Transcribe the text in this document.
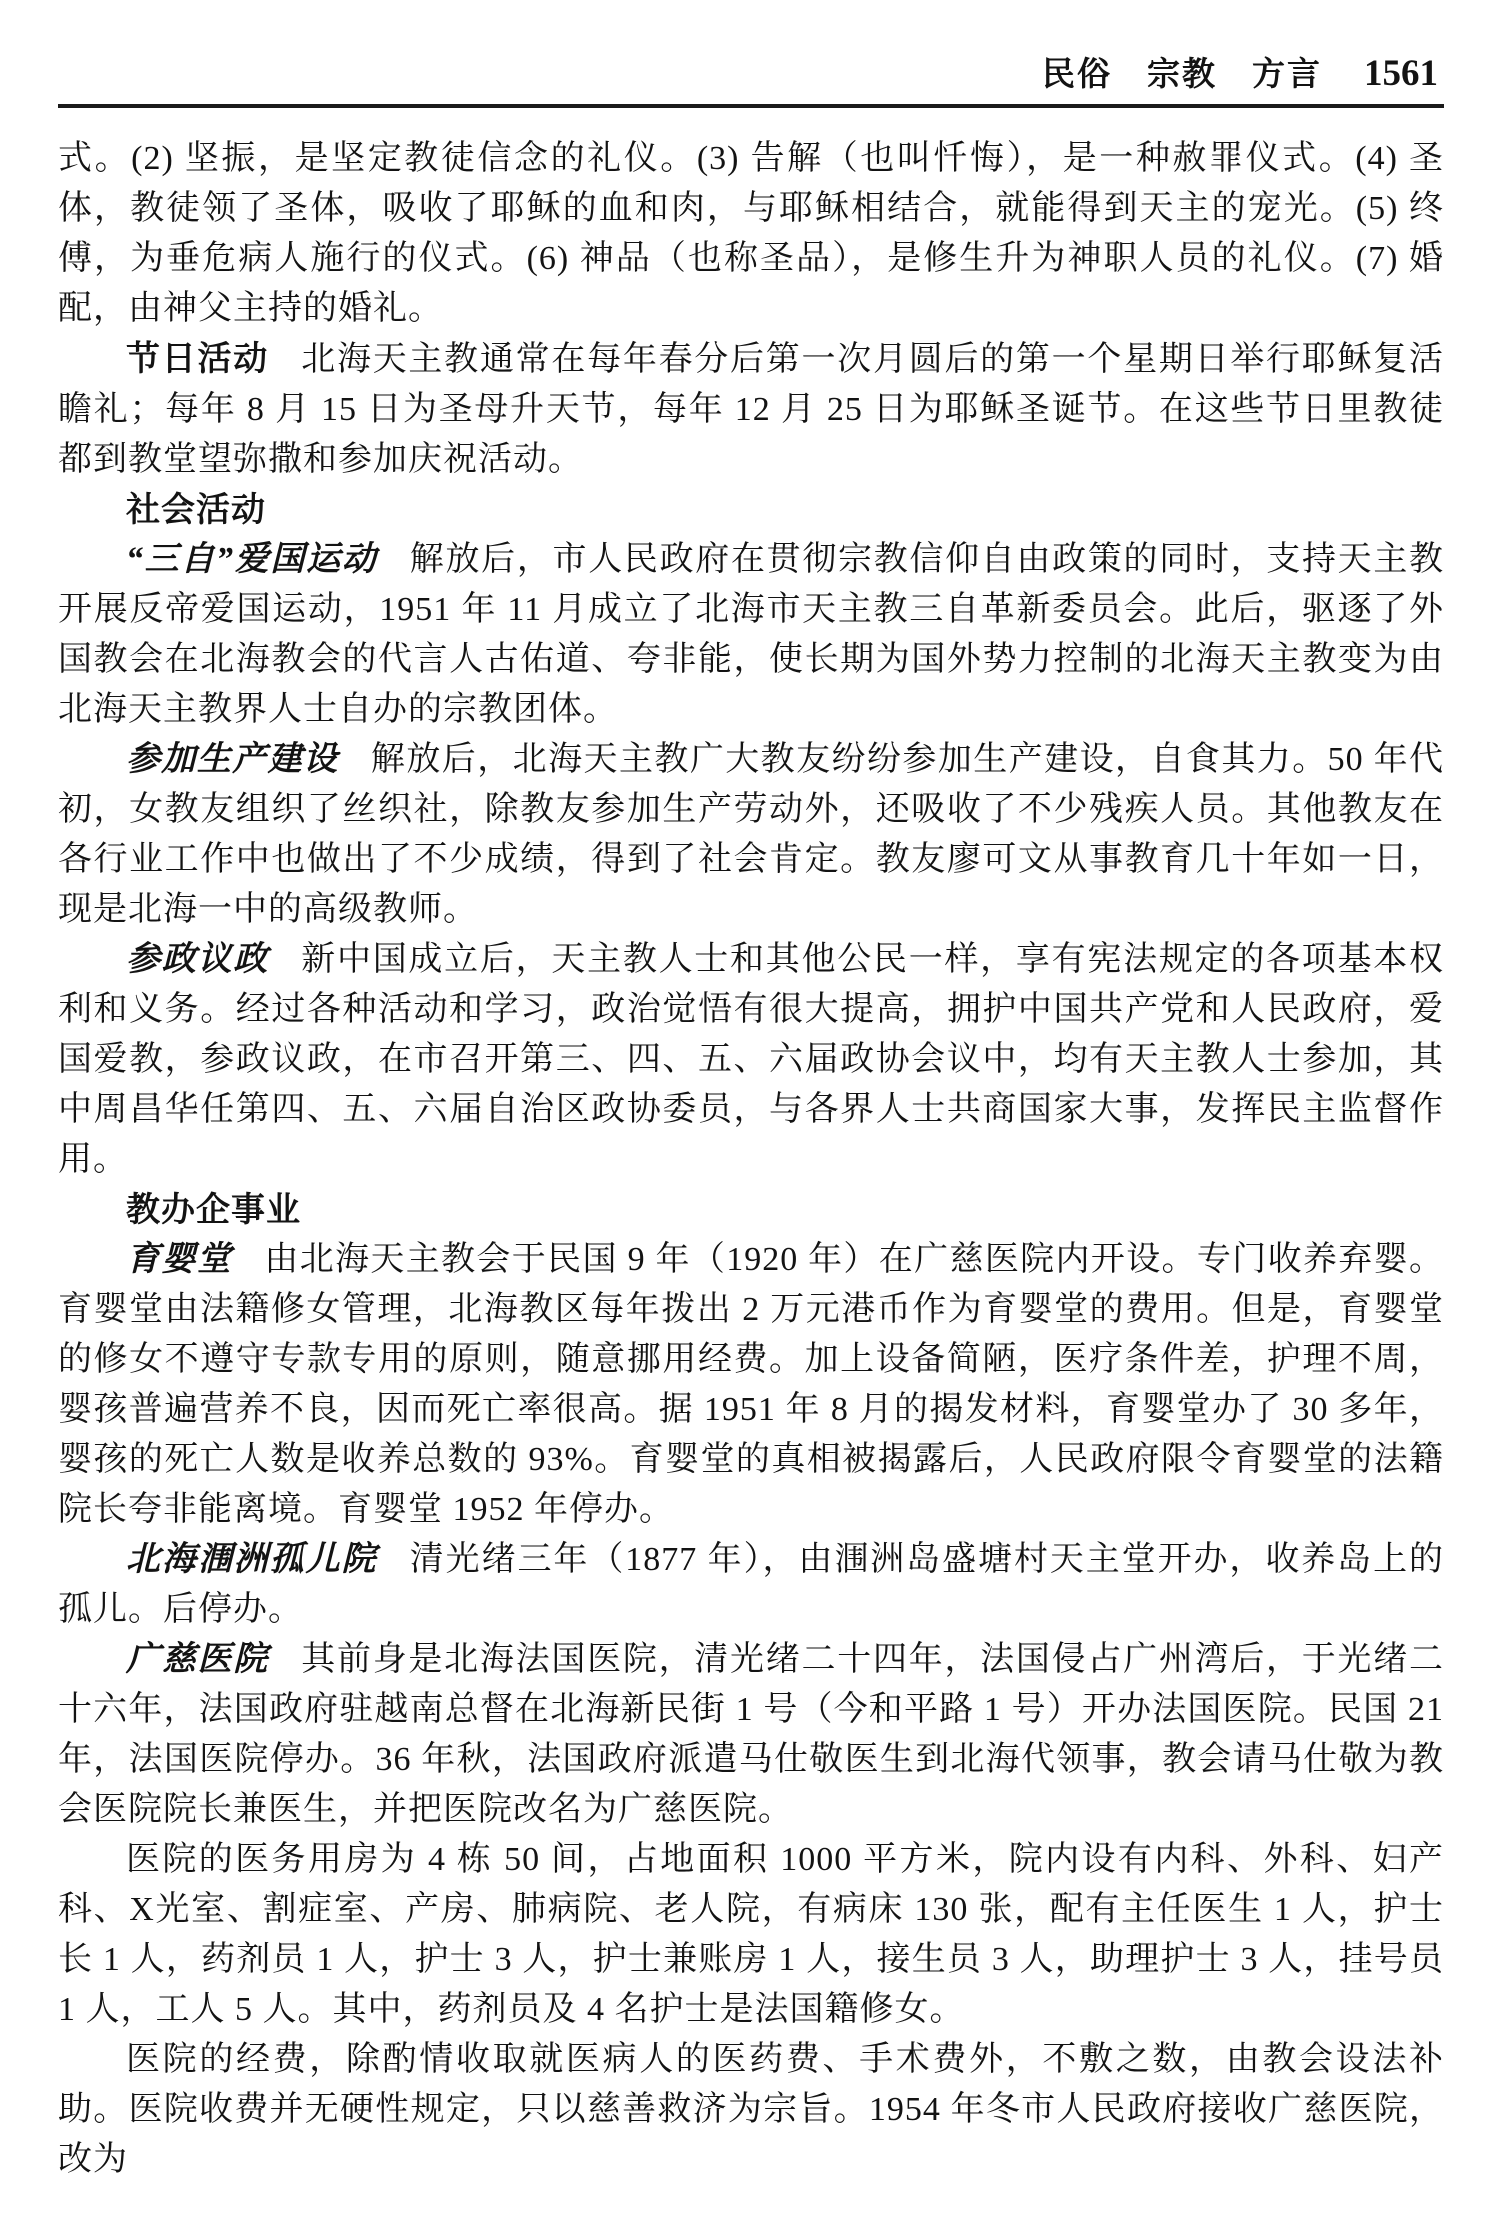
民俗　宗教　方言 1561

式。(2) 坚振，是坚定教徒信念的礼仪。(3) 告解（也叫忏悔），是一种赦罪仪式。(4) 圣体，教徒领了圣体，吸收了耶稣的血和肉，与耶稣相结合，就能得到天主的宠光。(5) 终傅，为垂危病人施行的仪式。(6) 神品（也称圣品），是修生升为神职人员的礼仪。(7) 婚配，由神父主持的婚礼。

节日活动 北海天主教通常在每年春分后第一次月圆后的第一个星期日举行耶稣复活瞻礼；每年 8 月 15 日为圣母升天节，每年 12 月 25 日为耶稣圣诞节。在这些节日里教徒都到教堂望弥撒和参加庆祝活动。

社会活动

“三自”爱国运动 解放后，市人民政府在贯彻宗教信仰自由政策的同时，支持天主教开展反帝爱国运动，1951 年 11 月成立了北海市天主教三自革新委员会。此后，驱逐了外国教会在北海教会的代言人古佑道、夸非能，使长期为国外势力控制的北海天主教变为由北海天主教界人士自办的宗教团体。

参加生产建设 解放后，北海天主教广大教友纷纷参加生产建设，自食其力。50 年代初，女教友组织了丝织社，除教友参加生产劳动外，还吸收了不少残疾人员。其他教友在各行业工作中也做出了不少成绩，得到了社会肯定。教友廖可文从事教育几十年如一日，现是北海一中的高级教师。

参政议政 新中国成立后，天主教人士和其他公民一样，享有宪法规定的各项基本权利和义务。经过各种活动和学习，政治觉悟有很大提高，拥护中国共产党和人民政府，爱国爱教，参政议政，在市召开第三、四、五、六届政协会议中，均有天主教人士参加，其中周昌华任第四、五、六届自治区政协委员，与各界人士共商国家大事，发挥民主监督作用。

教办企事业

育婴堂 由北海天主教会于民国 9 年（1920 年）在广慈医院内开设。专门收养弃婴。育婴堂由法籍修女管理，北海教区每年拨出 2 万元港币作为育婴堂的费用。但是，育婴堂的修女不遵守专款专用的原则，随意挪用经费。加上设备简陋，医疗条件差，护理不周，婴孩普遍营养不良，因而死亡率很高。据 1951 年 8 月的揭发材料，育婴堂办了 30 多年，婴孩的死亡人数是收养总数的 93%。育婴堂的真相被揭露后，人民政府限令育婴堂的法籍院长夸非能离境。育婴堂 1952 年停办。

北海涠洲孤儿院 清光绪三年（1877 年），由涠洲岛盛塘村天主堂开办，收养岛上的孤儿。后停办。

广慈医院 其前身是北海法国医院，清光绪二十四年，法国侵占广州湾后，于光绪二十六年，法国政府驻越南总督在北海新民街 1 号（今和平路 1 号）开办法国医院。民国 21 年，法国医院停办。36 年秋，法国政府派遣马仕敬医生到北海代领事，教会请马仕敬为教会医院院长兼医生，并把医院改名为广慈医院。

医院的医务用房为 4 栋 50 间，占地面积 1000 平方米，院内设有内科、外科、妇产科、X光室、割症室、产房、肺病院、老人院，有病床 130 张，配有主任医生 1 人，护士长 1 人，药剂员 1 人，护士 3 人，护士兼账房 1 人，接生员 3 人，助理护士 3 人，挂号员 1 人，工人 5 人。其中，药剂员及 4 名护士是法国籍修女。

医院的经费，除酌情收取就医病人的医药费、手术费外，不敷之数，由教会设法补助。医院收费并无硬性规定，只以慈善救济为宗旨。1954 年冬市人民政府接收广慈医院，改为
